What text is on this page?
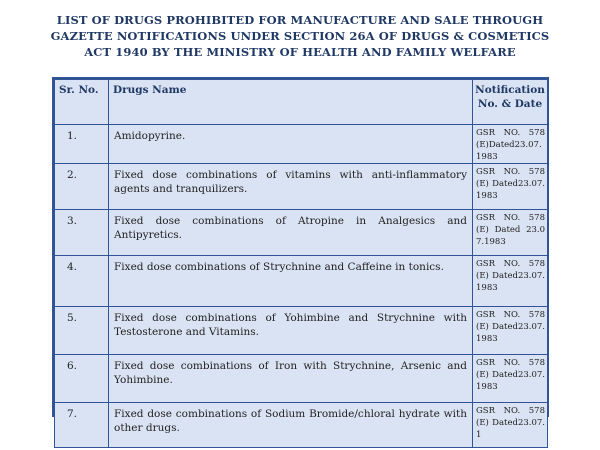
LIST OF DRUGS PROHIBITED FOR MANUFACTURE AND SALE THROUGH
GAZETTE NOTIFICATIONS UNDER SECTION 26A OF DRUGS & COSMETICS
ACT 1940 BY THE MINISTRY OF HEALTH AND FAMILY WELFARE
Sr. No.	Drugs Name	Notification No. & Date
1.	Amidopyrine.	GSR NO. 578(E)Dated23.07.1983
2.	Fixed dose combinations of vitamins with anti-inflammatory agents and tranquilizers.	GSR NO. 578(E) Dated23.07.1983
3.	Fixed dose combinations of Atropine in Analgesics and Antipyretics.	GSR NO. 578(E) Dated 23.07.1983
4.	Fixed dose combinations of Strychnine and Caffeine in tonics.	GSR NO. 578(E) Dated23.07.1983
5.	Fixed dose combinations of Yohimbine and Strychnine with Testosterone and Vitamins.	GSR NO. 578(E) Dated23.07.1983
6.	Fixed dose combinations of Iron with Strychnine, Arsenic and Yohimbine.	GSR NO. 578(E) Dated23.07.1983
7.	Fixed dose combinations of Sodium Bromide/chloral hydrate with other drugs.	GSR NO. 578(E) Dated23.07.1
